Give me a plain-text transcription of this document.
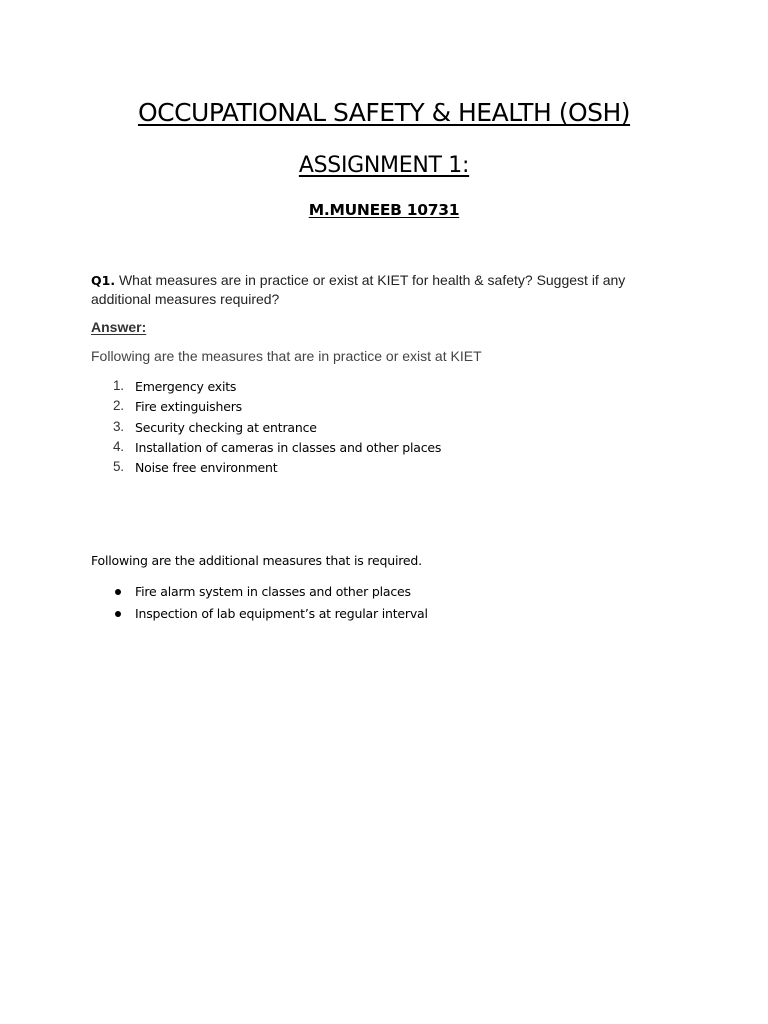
OCCUPATIONAL SAFETY & HEALTH (OSH)
ASSIGNMENT 1:

M.MUNEEB 10731

Q1. What measures are in practice or exist at KIET for health & safety? Suggest if any additional measures required?

Answer:

Following are the measures that are in practice or exist at KIET

1. Emergency exits
2. Fire extinguishers
3. Security checking at entrance
4. Installation of cameras in classes and other places
5. Noise free environment

Following are the additional measures that is required.

Fire alarm system in classes and other places
Inspection of lab equipment’s at regular interval
